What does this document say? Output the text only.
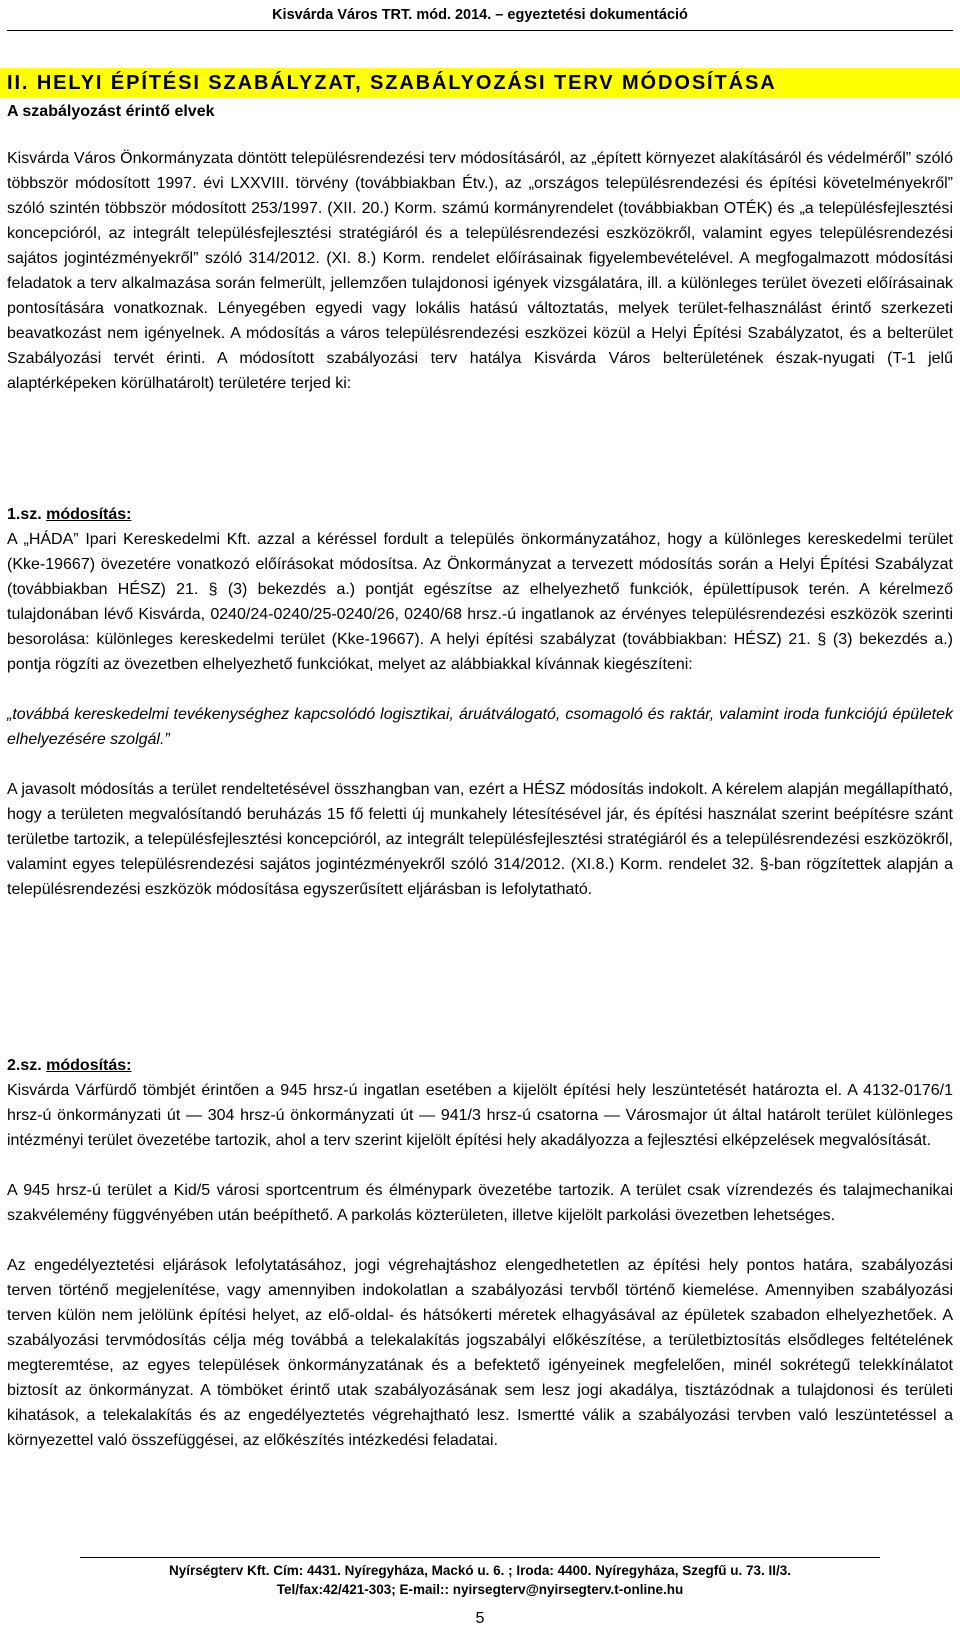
Kisvárda Város TRT. mód. 2014. – egyeztetési dokumentáció
II. HELYI ÉPÍTÉSI SZABÁLYZAT, SZABÁLYOZÁSI TERV MÓDOSÍTÁSA
A szabályozást érintő elvek

Kisvárda Város Önkormányzata döntött településrendezési terv módosításáról, az „épített környezet alakításáról és védelméről” szóló többször módosított 1997. évi LXXVIII. törvény (továbbiakban Étv.), az „országos településrendezési és építési követelményekről” szóló szintén többször módosított 253/1997. (XII. 20.) Korm. számú kormányrendelet (továbbiakban OTÉK) és „a településfejlesztési koncepcióról, az integrált településfejlesztési stratégiáról és a településrendezési eszközökről, valamint egyes településrendezési sajátos jogintézményekről” szóló 314/2012. (XI. 8.) Korm. rendelet előírásainak figyelembevételével. A megfogalmazott módosítási feladatok a terv alkalmazása során felmerült, jellemzően tulajdonosi igények vizsgálatára, ill. a különleges terület övezeti előírásainak pontosítására vonatkoznak. Lényegében egyedi vagy lokális hatású változtatás, melyek terület-felhasználást érintő szerkezeti beavatkozást nem igényelnek. A módosítás a város településrendezési eszközei közül a Helyi Építési Szabályzatot, és a belterület Szabályozási tervét érinti. A módosított szabályozási terv hatálya Kisvárda Város belterületének észak-nyugati (T-1 jelű alaptérképeken körülhatárolt) területére terjed ki:

1.sz. módosítás:

A „HÁDA” Ipari Kereskedelmi Kft. azzal a kéréssel fordult a település önkormányzatához, hogy a különleges kereskedelmi terület (Kke-19667) övezetére vonatkozó előírásokat módosítsa. Az Önkormányzat a tervezett módosítás során a Helyi Építési Szabályzat (továbbiakban HÉSZ) 21. § (3) bekezdés a.) pontját egészítse az elhelyezhető funkciók, épülettípusok terén. A kérelmező tulajdonában lévő Kisvárda, 0240/24-0240/25-0240/26, 0240/68 hrsz.-ú ingatlanok az érvényes településrendezési eszközök szerinti besorolása: különleges kereskedelmi terület (Kke-19667). A helyi építési szabályzat (továbbiakban: HÉSZ) 21. § (3) bekezdés a.) pontja rögzíti az övezetben elhelyezhető funkciókat, melyet az alábbiakkal kívánnak kiegészíteni:

„továbbá kereskedelmi tevékenységhez kapcsolódó logisztikai, áruátválogató, csomagoló és raktár, valamint iroda funkciójú épületek elhelyezésére szolgál.”

A javasolt módosítás a terület rendeltetésével összhangban van, ezért a HÉSZ módosítás indokolt. A kérelem alapján megállapítható, hogy a területen megvalósítandó beruházás 15 fő feletti új munkahely létesítésével jár, és építési használat szerint beépítésre szánt területbe tartozik, a településfejlesztési koncepcióról, az integrált településfejlesztési stratégiáról és a településrendezési eszközökről, valamint egyes településrendezési sajátos jogintézményekről szóló 314/2012. (XI.8.) Korm. rendelet 32. §-ban rögzítettek alapján a településrendezési eszközök módosítása egyszerűsített eljárásban is lefolytatható.

2.sz. módosítás:

Kisvárda Várfürdő tömbjét érintően a 945 hrsz-ú ingatlan esetében a kijelölt építési hely leszüntetését határozta el. A 4132-0176/1 hrsz-ú önkormányzati út — 304 hrsz-ú önkormányzati út — 941/3 hrsz-ú csatorna — Városmajor út által határolt terület különleges intézményi terület övezetébe tartozik, ahol a terv szerint kijelölt építési hely akadályozza a fejlesztési elképzelések megvalósítását.

A 945 hrsz-ú terület a Kid/5 városi sportcentrum és élménypark övezetébe tartozik. A terület csak vízrendezés és talajmechanikai szakvélemény függvényében után beépíthető. A parkolás közterületen, illetve kijelölt parkolási övezetben lehetséges.

Az engedélyeztetési eljárások lefolytatásához, jogi végrehajtáshoz elengedhetetlen az építési hely pontos határa, szabályozási terven történő megjelenítése, vagy amennyiben indokolatlan a szabályozási tervből történő kiemelése. Amennyiben szabályozási terven külön nem jelölünk építési helyet, az elő-oldal- és hátsókerti méretek elhagyásával az épületek szabadon elhelyezhetőek. A szabályozási tervmódosítás célja még továbbá a telekalakítás jogszabályi előkészítése, a területbiztosítás elsődleges feltételének megteremtése, az egyes települések önkormányzatának és a befektető igényeinek megfelelően, minél sokrétegű telekkínálatot biztosít az önkormányzat. A tömböket érintő utak szabályozásának sem lesz jogi akadálya, tisztázódnak a tulajdonosi és területi kihatások, a telekalakítás és az engedélyeztetés végrehajtható lesz. Ismertté válik a szabályozási tervben való leszüntetéssel a környezettel való összefüggései, az előkészítés intézkedési feladatai.

Nyírségterv Kft. Cím: 4431. Nyíregyháza, Mackó u. 6. ; Iroda: 4400. Nyíregyháza, Szegfű u. 73. II/3.
Tel/fax:42/421-303; E-mail:: nyirsegterv@nyirsegterv.t-online.hu
5
